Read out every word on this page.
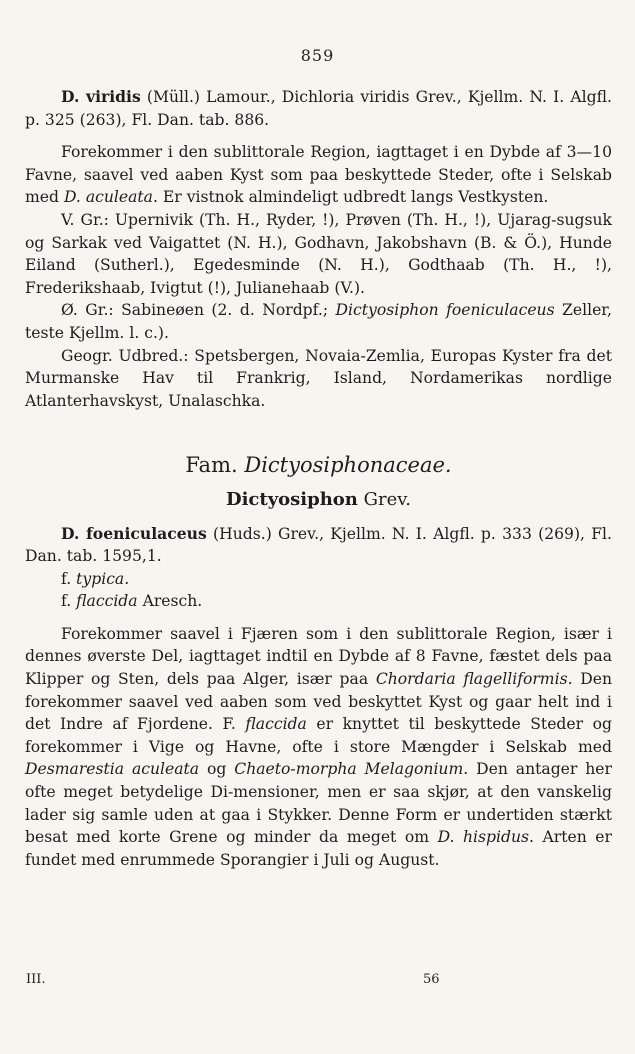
859

D. viridis (Müll.) Lamour., Dichloria viridis Grev., Kjellm. N. I. Algfl. p. 325 (263), Fl. Dan. tab. 886.

Forekommer i den sublittorale Region, iagttaget i en Dybde af 3—10 Favne, saavel ved aaben Kyst som paa beskyttede Steder, ofte i Selskab med D. aculeata. Er vistnok almindeligt udbredt langs Vestkysten.

V. Gr.: Upernivik (Th. H., Ryder, !), Prøven (Th. H., !), Ujarag-sugsuk og Sarkak ved Vaigattet (N. H.), Godhavn, Jakobshavn (B. & Ö.), Hunde Eiland (Sutherl.), Egedesminde (N. H.), Godthaab (Th. H., !), Frederikshaab, Ivigtut (!), Julianehaab (V.).

Ø. Gr.: Sabineøen (2. d. Nordpf.; Dictyosiphon foeniculaceus Zeller, teste Kjellm. l. c.).

Geogr. Udbred.: Spetsbergen, Novaia-Zemlia, Europas Kyster fra det Murmanske Hav til Frankrig, Island, Nordamerikas nordlige Atlanterhavskyst, Unalaschka.

Fam. Dictyosiphonaceae.

Dictyosiphon Grev.

D. foeniculaceus (Huds.) Grev., Kjellm. N. I. Algfl. p. 333 (269), Fl. Dan. tab. 1595,1.

f. typica.

f. flaccida Aresch.

Forekommer saavel i Fjæren som i den sublittorale Region, især i dennes øverste Del, iagttaget indtil en Dybde af 8 Favne, fæstet dels paa Klipper og Sten, dels paa Alger, især paa Chordaria flagelliformis. Den forekommer saavel ved aaben som ved beskyttet Kyst og gaar helt ind i det Indre af Fjordene. F. flaccida er knyttet til beskyttede Steder og forekommer i Vige og Havne, ofte i store Mængder i Selskab med Desmarestia aculeata og Chaeto-morpha Melagonium. Den antager her ofte meget betydelige Di-mensioner, men er saa skjør, at den vanskelig lader sig samle uden at gaa i Stykker. Denne Form er undertiden stærkt besat med korte Grene og minder da meget om D. hispidus. Arten er fundet med enrummede Sporangier i Juli og August.

III.	56
